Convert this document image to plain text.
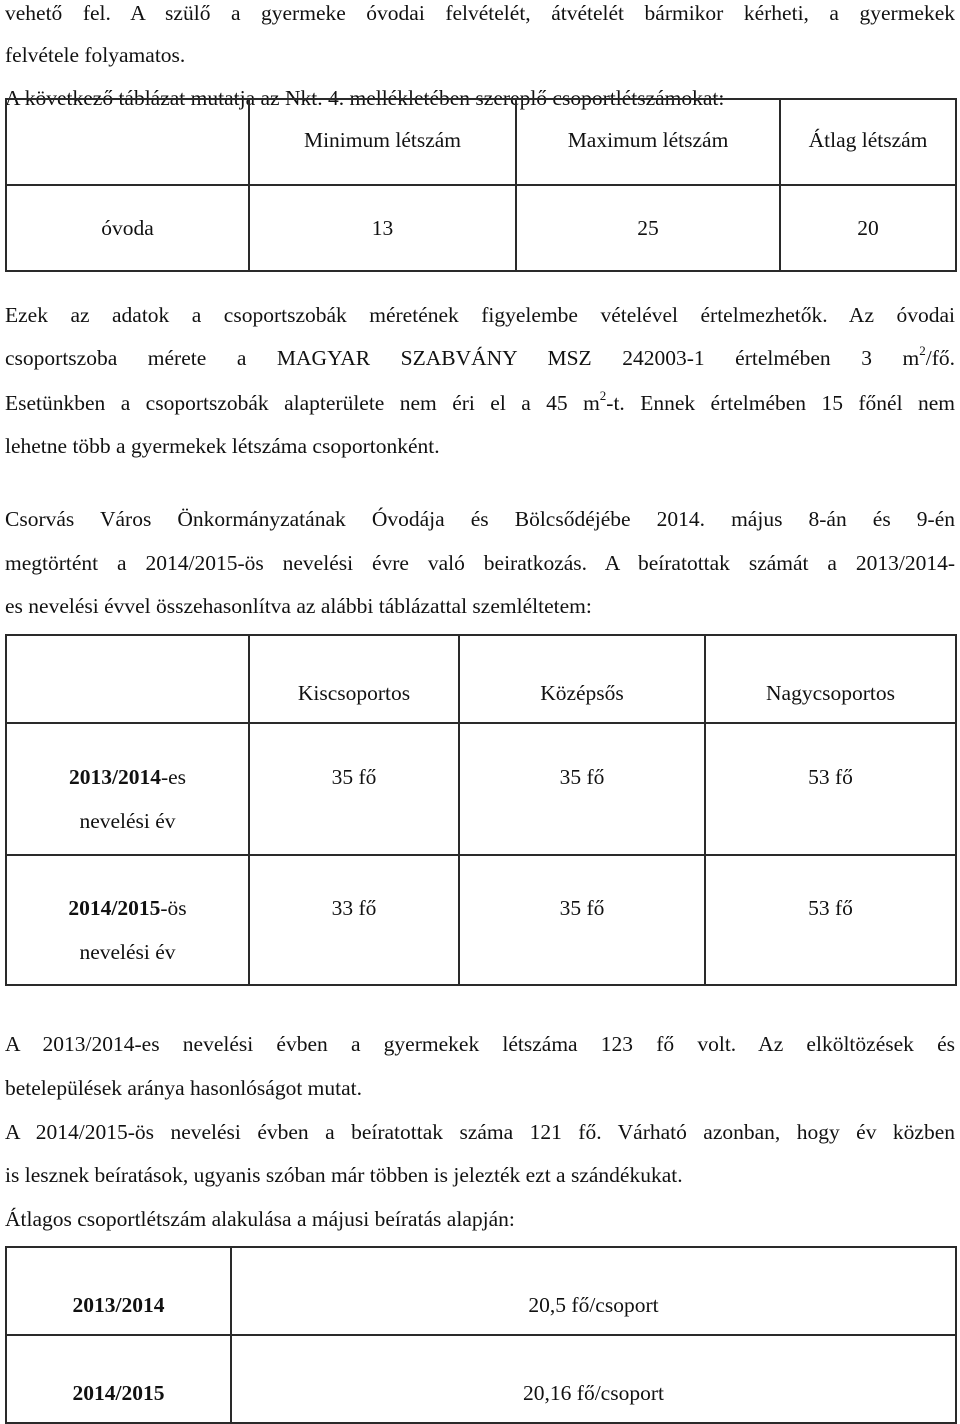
vehető fel. A szülő a gyermeke óvodai felvételét, átvételét bármikor kérheti, a gyermekek
felvétele folyamatos.
A következő táblázat mutatja az Nkt. 4. mellékletében szereplő csoportlétszámokat:

	Minimum létszám	Maximum létszám	Átlag létszám

óvoda	13	25	20
Ezek az adatok a csoportszobák méretének figyelembe vételével értelmezhetők. Az óvodai
csoportszoba mérete a MAGYAR SZABVÁNY MSZ 242003-1 értelmében 3 $m^2/fő$.
Esetünkben a csoportszobák alapterülete nem éri el a 45 $m^2-t$. Ennek értelmében 15 főnél nem
lehetne több a gyermekek létszáma csoportonként.
Csorvás Város Önkormányzatának Óvodája és Bölcsődéjébe 2014. május 8-án és 9-én
megtörtént a 2014/2015-ös nevelési évre való beiratkozás. A beíratottak számát a 2013/2014-
es nevelési évvel összehasonlítva az alábbi táblázattal szemléltetem:

	Kiscsoportos	Középsős	Nagycsoportos

2013/2014-es
nevelési év	35 fő	35 fő	53 fő

2014/2015-ös
nevelési év	33 fő	35 fő	53 fő
A 2013/2014-es nevelési évben a gyermekek létszáma 123 fő volt. Az elköltözések és
betelepülések aránya hasonlóságot mutat.
A 2014/2015-ös nevelési évben a beíratottak száma 121 fő. Várható azonban, hogy év közben
is lesznek beíratások, ugyanis szóban már többen is jelezték ezt a szándékukat.
Átlagos csoportlétszám alakulása a májusi beíratás alapján:
2013/2014	20,5 fő/csoport

2014/2015	20,16 fő/csoport
